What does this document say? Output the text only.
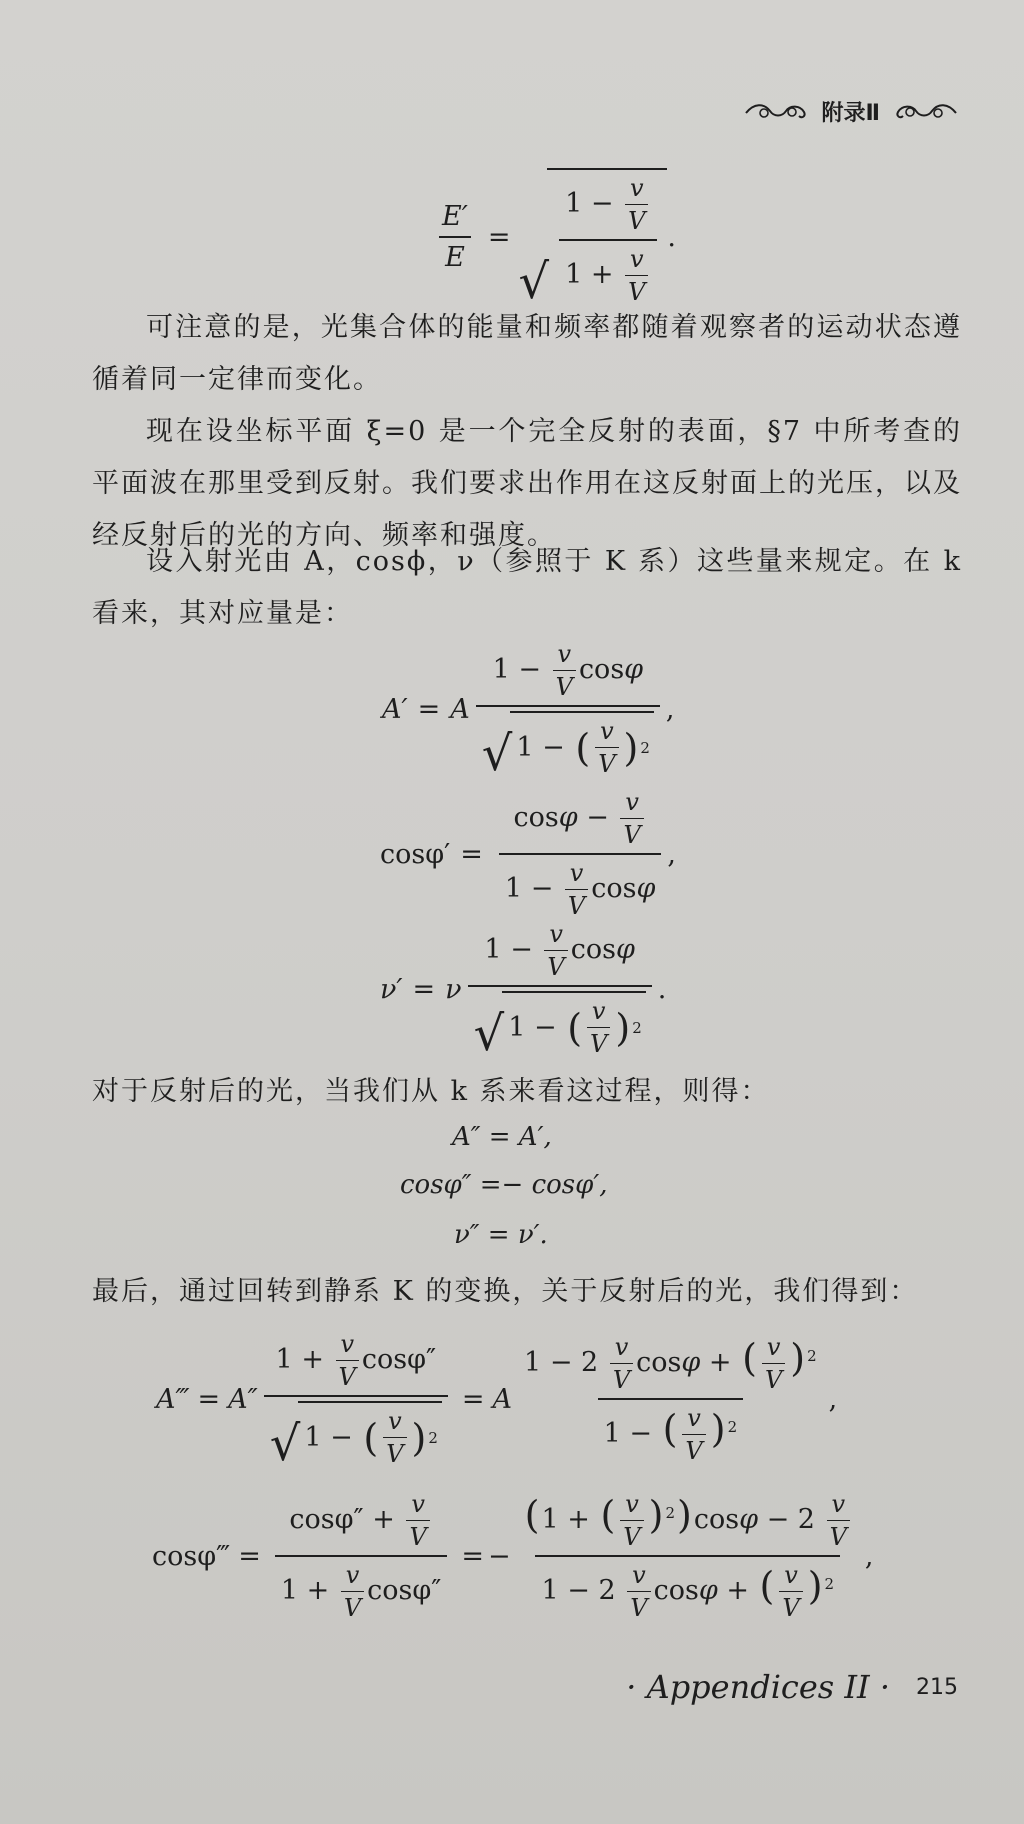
附录Ⅱ
$\frac{E'}{E}$ =
√ $\frac{1 - \frac{v}{V}}{1 + \frac{v}{V}}$ .
可注意的是，光集合体的能量和频率都随着观察者的运动状态遵循着同一定律而变化。
现在设坐标平面 ξ=0 是一个完全反射的表面，§7 中所考查的平面波在那里受到反射。我们要求出作用在这反射面上的光压，以及经反射后的光的方向、频率和强度。
设入射光由 A，cosϕ，ν（参照于 K 系）这些量来规定。在 k 看来，其对应量是：
A′ = A $1 - \frac{v}{V}$ cosφ
√ 1
−
( $\frac{v}{V}$ ) 2 ,
$\cos\varphi' = \frac{\cos\varphi - \frac{v}{V}}{1 - \frac{v}{V} \cos\varphi}$ ,
ν′ = ν $1 - \frac{v}{V}$ cosφ
√ 1
−
( $\frac{v}{V}$ ) 2 .
对于反射后的光，当我们从 k 系来看这过程，则得：
A″ = A′,
cosφ″ =− cosφ′,
ν″ = ν′.
最后，通过回转到静系 K 的变换，关于反射后的光，我们得到：
A‴ = A″ $1 + \frac{v}{V} \cos\varphi''$
√ 1
−
( $\frac{v}{V}$ ) 2 = A $\frac{1 - 2 \frac{v}{V} \cos\varphi + ( \frac{v}{V} ) ^2}{1 - ( \frac{v}{V} ) ^2}$ ,
cosφ‴ = $\frac{\cos\varphi'' + \frac{v}{V}}{1 + \frac{v}{V} \cos\varphi''}$ = − $\frac{(1 + ( \frac{v}{V} ) ^2)\cos\varphi - 2 \frac{v}{V}}{1 - 2 \frac{v}{V} \cos\varphi + ( \frac{v}{V} ) ^2}$ ,
· Appendices II · 215
